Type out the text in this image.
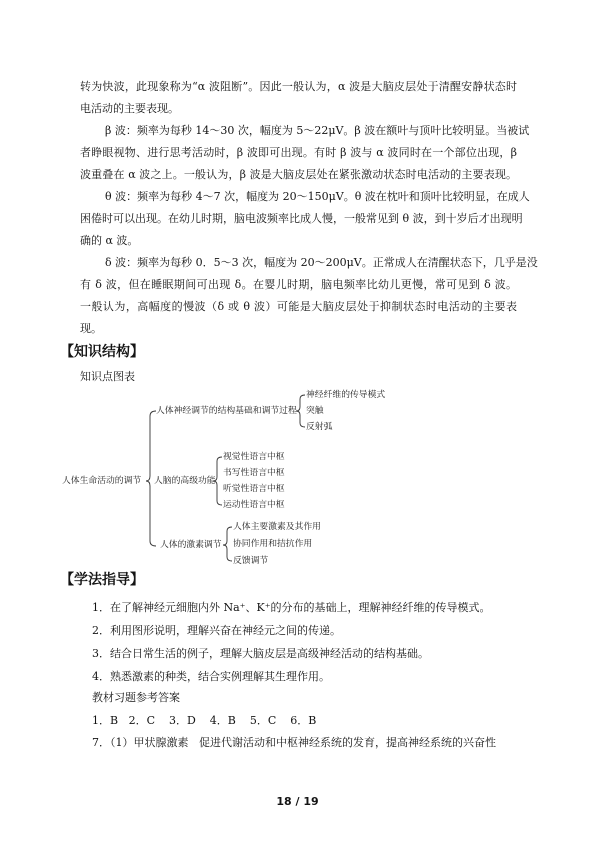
转为快波，此现象称为“α 波阻断”。因此一般认为，α 波是大脑皮层处于清醒安静状态时
电活动的主要表现。
β 波：频率为每秒 14～30 次，幅度为 5～22μV。β 波在额叶与顶叶比较明显。当被试
者睁眼视物、进行思考活动时，β 波即可出现。有时 β 波与 α 波同时在一个部位出现，β
波重叠在 α 波之上。一般认为，β 波是大脑皮层处在紧张激动状态时电活动的主要表现。
θ 波：频率为每秒 4～7 次，幅度为 20～150μV。θ 波在枕叶和顶叶比较明显，在成人
困倦时可以出现。在幼儿时期，脑电波频率比成人慢，一般常见到 θ 波，到十岁后才出现明
确的 α 波。
δ 波：频率为每秒 0．5～3 次，幅度为 20～200μV。正常成人在清醒状态下，几乎是没
有 δ 波，但在睡眠期间可出现 δ。在婴儿时期，脑电频率比幼儿更慢，常可见到 δ 波。
一般认为，高幅度的慢波（δ 或 θ 波）可能是大脑皮层处于抑制状态时电活动的主要表
现。
【知识结构】
知识点图表
人体生命活动的调节
人体神经调节的结构基础和调节过程
神经纤维的传导模式
突触
反射弧
人脑的高级功能
视觉性语言中枢
书写性语言中枢
听觉性语言中枢
运动性语言中枢
人体的激素调节
人体主要激素及其作用
协同作用和拮抗作用
反馈调节
【学法指导】
1．在了解神经元细胞内外 Na⁺、K⁺的分布的基础上，理解神经纤维的传导模式。
2．利用图形说明，理解兴奋在神经元之间的传递。
3．结合日常生活的例子，理解大脑皮层是高级神经活动的结构基础。
4．熟悉激素的种类，结合实例理解其生理作用。
教材习题参考答案
1．B   2．C    3．D    4．B    5．C    6．B
7．（1）甲状腺激素   促进代谢活动和中枢神经系统的发育，提高神经系统的兴奋性
18 / 19
